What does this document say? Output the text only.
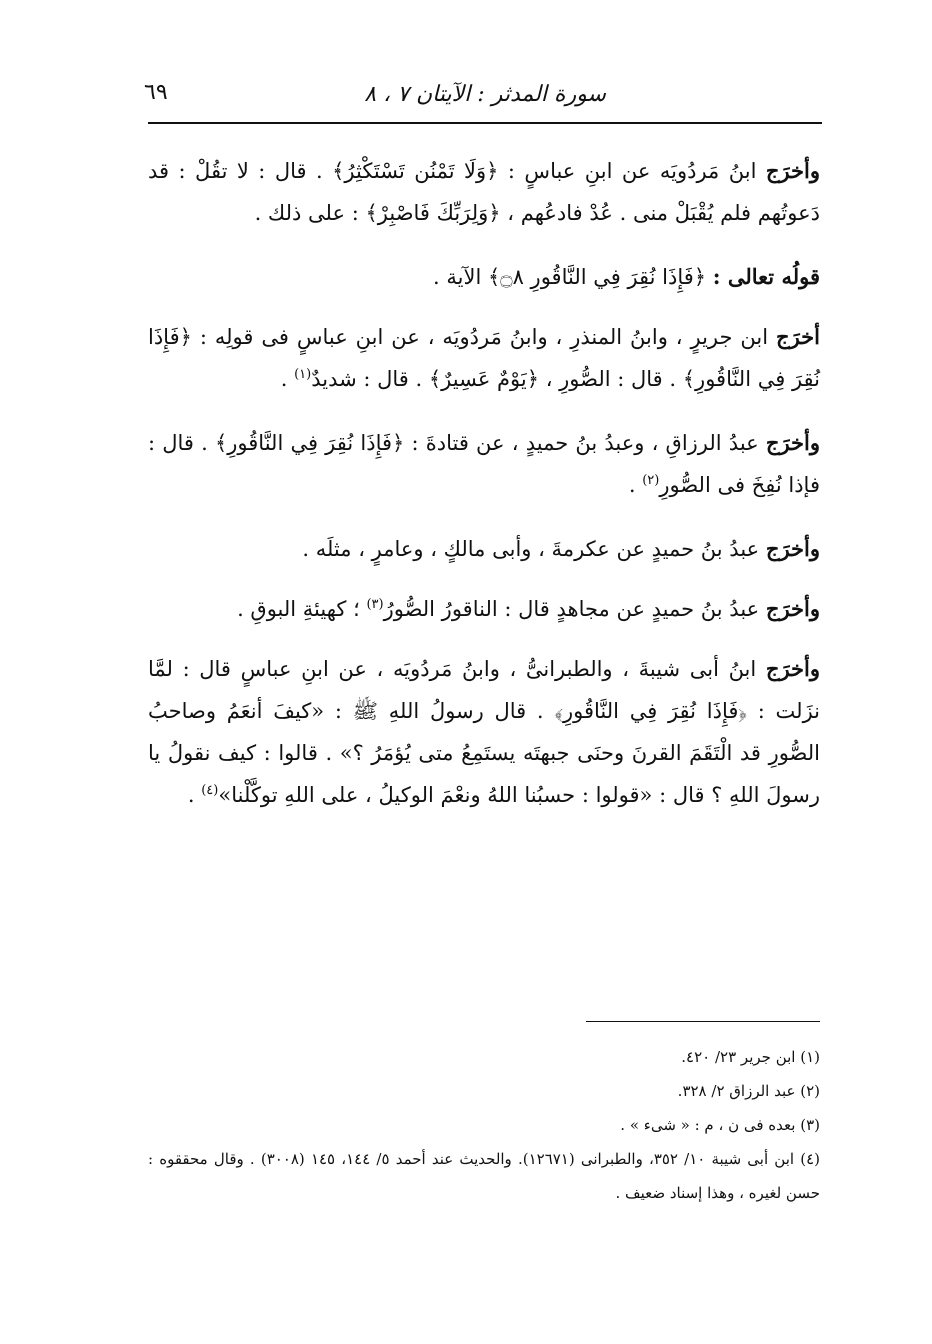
سورة المدثر : الآيتان ٧ ، ٨
٦٩

وأخرَج ابنُ مَردُويَه عن ابنِ عباسٍ : ﴿وَلَا تَمْنُن تَسْتَكْثِرُ﴾ . قال : لا تقُلْ : قد دَعوتُهم فلم يُقْبَلْ منى . عُدْ فادعُهم ، ﴿وَلِرَبِّكَ فَاصْبِرْ﴾ : على ذلك .

قولُه تعالى : ﴿فَإِذَا نُقِرَ فِي النَّاقُورِ ۝٨﴾ الآية .

أخرَج ابن جريرٍ ، وابنُ المنذرِ ، وابنُ مَردُويَه ، عن ابنِ عباسٍ فى قولِه : ﴿فَإِذَا نُقِرَ فِي النَّاقُورِ﴾ . قال : الصُّورِ ، ﴿يَوْمٌ عَسِيرٌ﴾ . قال : شديدٌ$^{(١)}$ .

وأخرَج عبدُ الرزاقِ ، وعبدُ بنُ حميدٍ ، عن قتادةَ : ﴿فَإِذَا نُقِرَ فِي النَّاقُورِ﴾ . قال : فإذا نُفِخَ فى الصُّورِ$^{(٢)}$ .

وأخرَج عبدُ بنُ حميدٍ عن عكرمةَ ، وأبى مالكٍ ، وعامرٍ ، مثلَه .

وأخرَج عبدُ بنُ حميدٍ عن مجاهدٍ قال : الناقورُ الصُّورُ$^{(٣)}$ ؛ كهيئةِ البوقِ .

وأخرَج ابنُ أبى شيبةَ ، والطبرانىُّ ، وابنُ مَردُويَه ، عن ابنِ عباسٍ قال : لمَّا نزَلت : ﴿فَإِذَا نُقِرَ فِي النَّاقُورِ﴾ . قال رسولُ اللهِ ﷺ : «كيفَ أنعَمُ وصاحبُ الصُّورِ قد الْتَقَمَ القرنَ وحنَى جبهتَه يستَمِعُ متى يُؤمَرُ ؟» . قالوا : كيف نقولُ يا رسولَ اللهِ ؟ قال : «قولوا : حسبُنا اللهُ ونعْمَ الوكيلُ ، على اللهِ توكَّلْنا»$^{(٤)}$ .

(١) ابن جرير ٢٣/ ٤٢٠.

(٢) عبد الرزاق ٢/ ٣٢٨.

(٣) بعده فى ن ، م : « شىء » .

(٤) ابن أبى شيبة ١٠/ ٣٥٢، والطبرانى (١٢٦٧١). والحديث عند أحمد ٥/ ١٤٤، ١٤٥ (٣٠٠٨) . وقال محققوه : حسن لغيره ، وهذا إسناد ضعيف .
